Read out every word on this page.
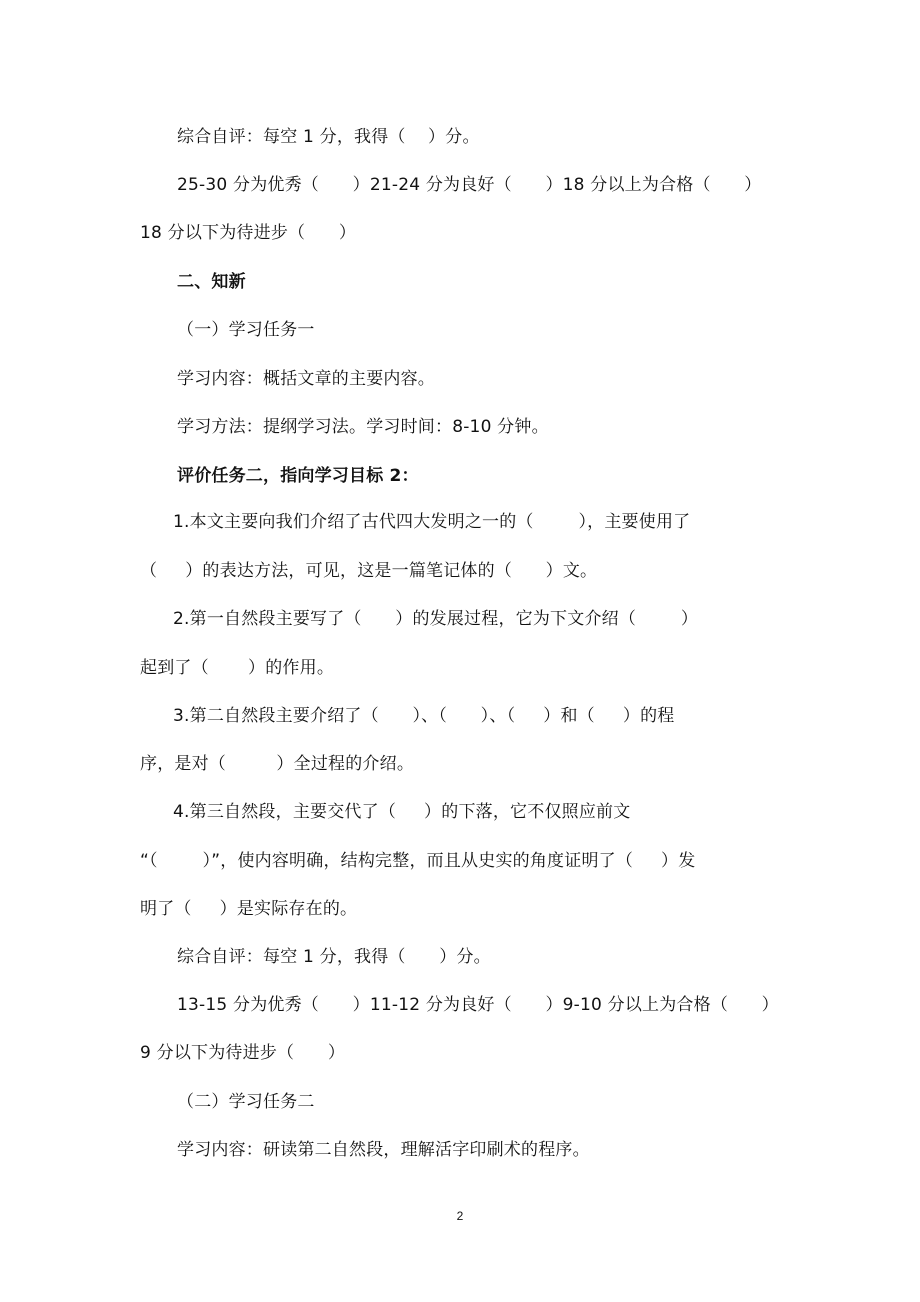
综合自评：每空 1 分，我得（    ）分。
25-30 分为优秀（      ）21-24 分为良好（      ）18 分以上为合格（      ）
18 分以下为待进步（      ）
二、知新
（一）学习任务一
学习内容：概括文章的主要内容。
学习方法：提纲学习法。学习时间：8-10 分钟。
评价任务二，指向学习目标 2：
1.本文主要向我们介绍了古代四大发明之一的（        ），主要使用了
（     ）的表达方法，可见，这是一篇笔记体的（      ）文。
2.第一自然段主要写了（      ）的发展过程，它为下文介绍（        ）
起到了（       ）的作用。
3.第二自然段主要介绍了（      ）、（      ）、（     ）和（     ）的程
序，是对（         ）全过程的介绍。
4.第三自然段，主要交代了（     ）的下落，它不仅照应前文
“（        ）”，使内容明确，结构完整，而且从史实的角度证明了（     ）发
明了（     ）是实际存在的。
综合自评：每空 1 分，我得（      ）分。
13-15 分为优秀（      ）11-12 分为良好（      ）9-10 分以上为合格（      ）
9 分以下为待进步（      ）
（二）学习任务二
学习内容：研读第二自然段，理解活字印刷术的程序。
2
